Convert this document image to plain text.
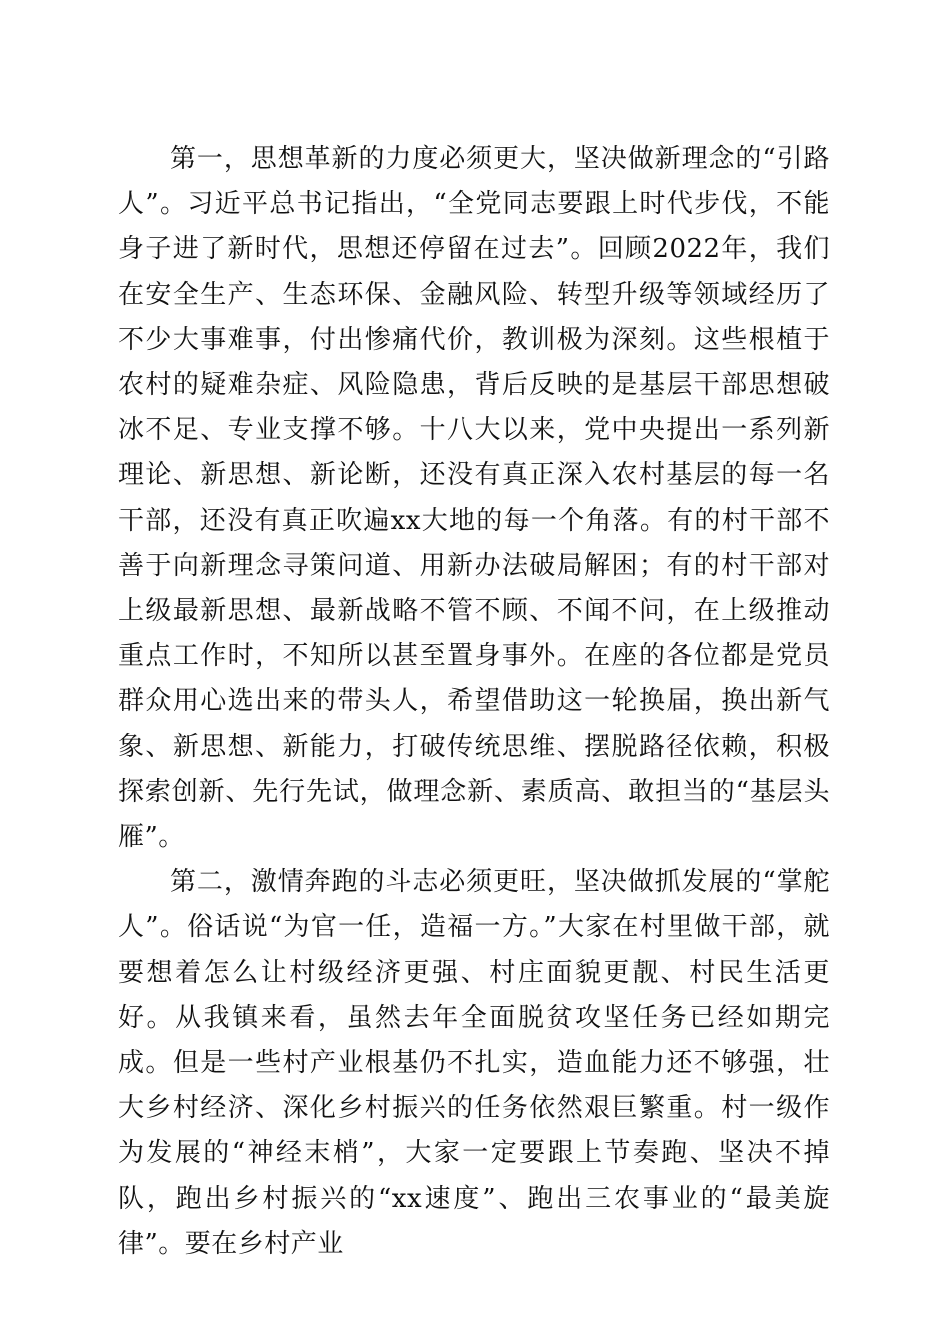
第一，思想革新的力度必须更大，坚决做新理念的“引路人”。习近平总书记指出，“全党同志要跟上时代步伐，不能身子进了新时代，思想还停留在过去”。回顾2022年，我们在安全生产、生态环保、金融风险、转型升级等领域经历了不少大事难事，付出惨痛代价，教训极为深刻。这些根植于农村的疑难杂症、风险隐患，背后反映的是基层干部思想破冰不足、专业支撑不够。十八大以来，党中央提出一系列新理论、新思想、新论断，还没有真正深入农村基层的每一名干部，还没有真正吹遍xx大地的每一个角落。有的村干部不善于向新理念寻策问道、用新办法破局解困；有的村干部对上级最新思想、最新战略不管不顾、不闻不问，在上级推动重点工作时，不知所以甚至置身事外。在座的各位都是党员群众用心选出来的带头人，希望借助这一轮换届，换出新气象、新思想、新能力，打破传统思维、摆脱路径依赖，积极探索创新、先行先试，做理念新、素质高、敢担当的“基层头雁”。

第二，激情奔跑的斗志必须更旺，坚决做抓发展的“掌舵人”。俗话说“为官一任，造福一方。”大家在村里做干部，就要想着怎么让村级经济更强、村庄面貌更靓、村民生活更好。从我镇来看，虽然去年全面脱贫攻坚任务已经如期完成。但是一些村产业根基仍不扎实，造血能力还不够强，壮大乡村经济、深化乡村振兴的任务依然艰巨繁重。村一级作为发展的“神经末梢”，大家一定要跟上节奏跑、坚决不掉队，跑出乡村振兴的“xx速度”、跑出三农事业的“最美旋律”。要在乡村产业
